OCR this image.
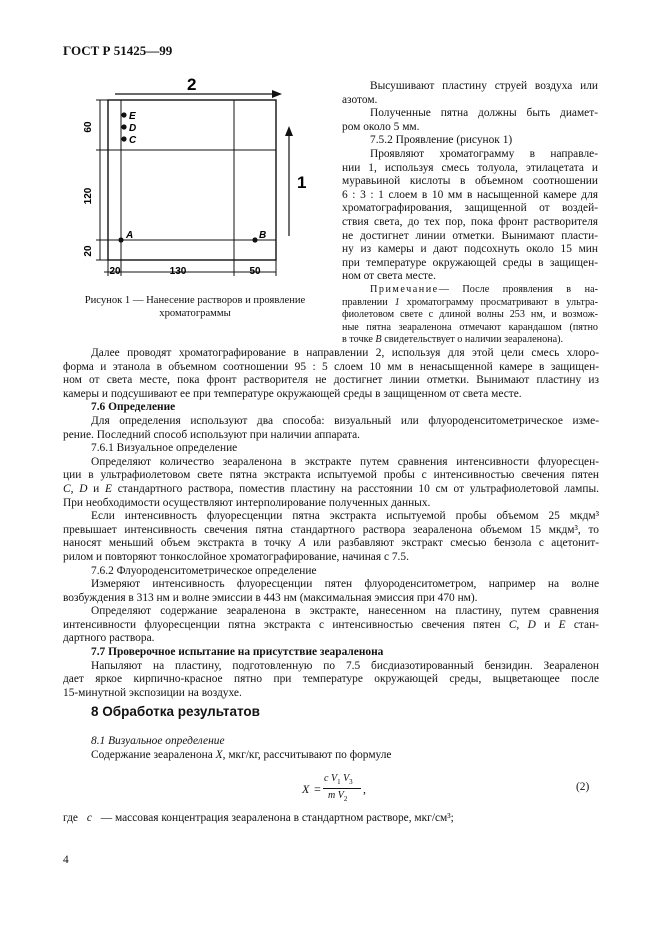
ГОСТ Р 51425—99
2
60
120
20
20	130	50
1
E
D
C
A	B
Рисунок 1 — Нанесение растворов и проявление
хроматограммы
Высушивают пластину струей воздуха или
азотом.
Полученные пятна должны быть диамет-
ром около 5 мм.
7.5.2 Проявление (рисунок 1)
Проявляют хроматограмму в направле-
нии 1, используя смесь толуола, этилацетата и
муравьиной кислоты в объемном соотношении
6 : 3 : 1 слоем в 10 мм в насыщенной камере для
хроматографирования, защищенной от воздей-
ствия света, до тех пор, пока фронт растворителя
не достигнет линии отметки. Вынимают пласти-
ну из камеры и дают подсохнуть около 15 мин
при температуре окружающей среды в защищен-
ном от света месте.
Примечание— После проявления в на-
правлении 1 хроматограмму просматривают в ультра-
фиолетовом свете с длиной волны 253 нм, и возмож-
ные пятна зеараленона отмечают карандашом (пятно
в точке B свидетельствует о наличии зеараленона).
Далее проводят хроматографирование в направлении 2, используя для этой цели смесь хлоро-
форма и этанола в объемном соотношении 95 : 5 слоем 10 мм в ненасыщенной камере в защищен-
ном от света месте, пока фронт растворителя не достигнет линии отметки. Вынимают пластину из
камеры и подсушивают ее при температуре окружающей среды в защищенном от света месте.
7.6 Определение
Для определения используют два способа: визуальный или флуороденситометрическое изме-
рение. Последний способ используют при наличии аппарата.
7.6.1 Визуальное определение
Определяют количество зеараленона в экстракте путем сравнения интенсивности флуоресцен-
ции в ультрафиолетовом свете пятна экстракта испытуемой пробы с интенсивностью свечения пятен
C, D и E стандартного раствора, поместив пластину на расстоянии 10 см от ультрафиолетовой лампы.
При необходимости осуществляют интерполирование полученных данных.
Если интенсивность флуоресценции пятна экстракта испытуемой пробы объемом 25 мкдм³
превышает интенсивность свечения пятна стандартного раствора зеараленона объемом 15 мкдм³, то
наносят меньший объем экстракта в точку A или разбавляют экстракт смесью бензола с ацетонит-
рилом и повторяют тонкослойное хроматографирование, начиная с 7.5.
7.6.2 Флуороденситометрическое определение
Измеряют интенсивность флуоресценции пятен флуороденситометром, например на волне
возбуждения в 313 нм и волне эмиссии в 443 нм (максимальная эмиссия при 470 нм).
Определяют содержание зеараленона в экстракте, нанесенном на пластину, путем сравнения
интенсивности флуоресценции пятна экстракта с интенсивностью свечения пятен C, D и E стан-
дартного раствора.
7.7 Проверочное испытание на присутствие зеараленона
Напыляют на пластину, подготовленную по 7.5 бисдиазотированный бензидин. Зеараленон
дает яркое кирпично-красное пятно при температуре окружающей среды, выцветающее после
15-минутной экспозиции на воздухе.
8 Обработка результатов
8.1 Визуальное определение
Содержание зеараленона X, мкг/кг, рассчитывают по формуле
X =
c $V_1$ $V_3$
m $V_2$
,	(2)
где c — массовая концентрация зеараленона в стандартном растворе, мкг/см³;
4
